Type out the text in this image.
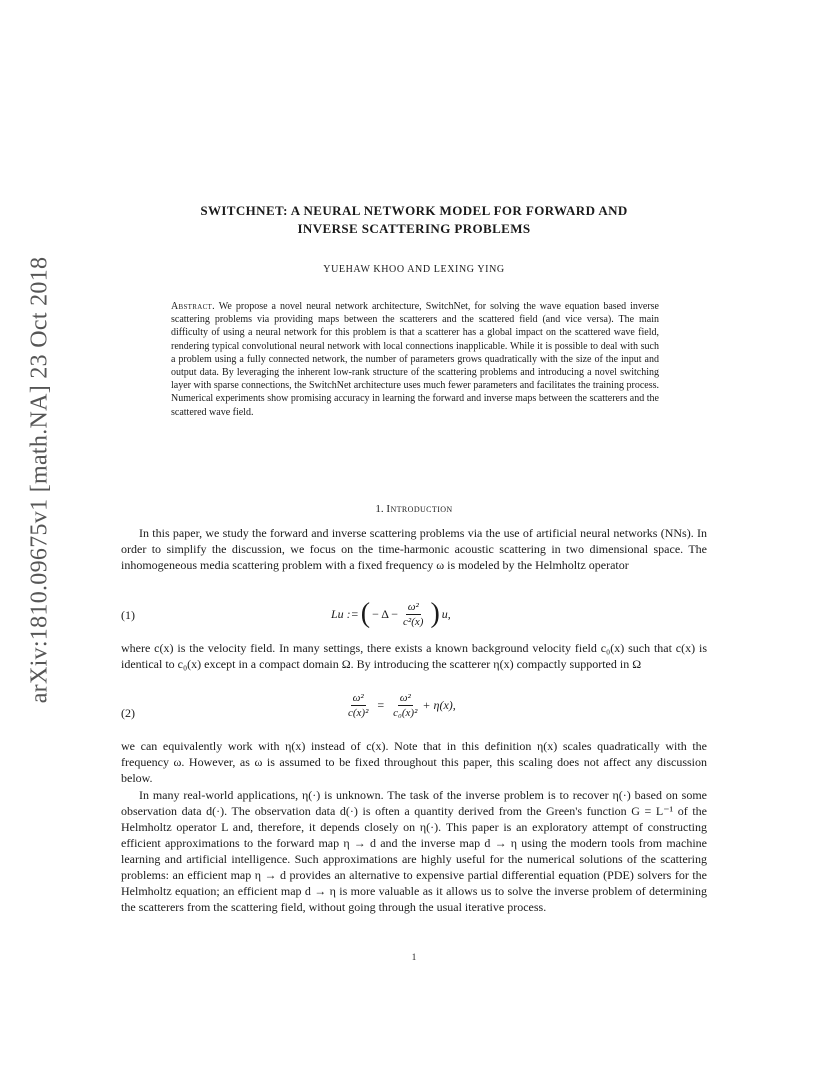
arXiv:1810.09675v1 [math.NA] 23 Oct 2018
SWITCHNET: A NEURAL NETWORK MODEL FOR FORWARD AND
INVERSE SCATTERING PROBLEMS
YUEHAW KHOO AND LEXING YING
Abstract. We propose a novel neural network architecture, SwitchNet, for solving the wave equation based inverse scattering problems via providing maps between the scatterers and the scattered field (and vice versa). The main difficulty of using a neural network for this problem is that a scatterer has a global impact on the scattered wave field, rendering typical convolutional neural network with local connections inapplicable. While it is possible to deal with such a problem using a fully connected network, the number of parameters grows quadratically with the size of the input and output data. By leveraging the inherent low-rank structure of the scattering problems and introducing a novel switching layer with sparse connections, the SwitchNet architecture uses much fewer parameters and facilitates the training process. Numerical experiments show promising accuracy in learning the forward and inverse maps between the scatterers and the scattered wave field.
1. Introduction
In this paper, we study the forward and inverse scattering problems via the use of artificial neural networks (NNs). In order to simplify the discussion, we focus on the time-harmonic acoustic scattering in two dimensional space. The inhomogeneous media scattering problem with a fixed frequency ω is modeled by the Helmholtz operator
(1)	Lu := ( − $\Delta - \frac{\text{ω²}}{\text{c²(x)}}$ ) u,
where c(x) is the velocity field. In many settings, there exists a known background velocity field c₀(x) such that c(x) is identical to c₀(x) except in a compact domain Ω. By introducing the scatterer η(x) compactly supported in Ω
(2)	$\frac{\text{ω²}}{\text{c(x)²}} = \frac{\text{ω²}}{\text{c₀(x)²}} + \eta(x)$,
we can equivalently work with η(x) instead of c(x). Note that in this definition η(x) scales quadratically with the frequency ω. However, as ω is assumed to be fixed throughout this paper, this scaling does not affect any discussion below.
In many real-world applications, η(·) is unknown. The task of the inverse problem is to recover η(·) based on some observation data d(·). The observation data d(·) is often a quantity derived from the Green's function G = L⁻¹ of the Helmholtz operator L and, therefore, it depends closely on η(·). This paper is an exploratory attempt of constructing efficient approximations to the forward map η → d and the inverse map d → η using the modern tools from machine learning and artificial intelligence. Such approximations are highly useful for the numerical solutions of the scattering problems: an efficient map η → d provides an alternative to expensive partial differential equation (PDE) solvers for the Helmholtz equation; an efficient map d → η is more valuable as it allows us to solve the inverse problem of determining the scatterers from the scattering field, without going through the usual iterative process.
1
